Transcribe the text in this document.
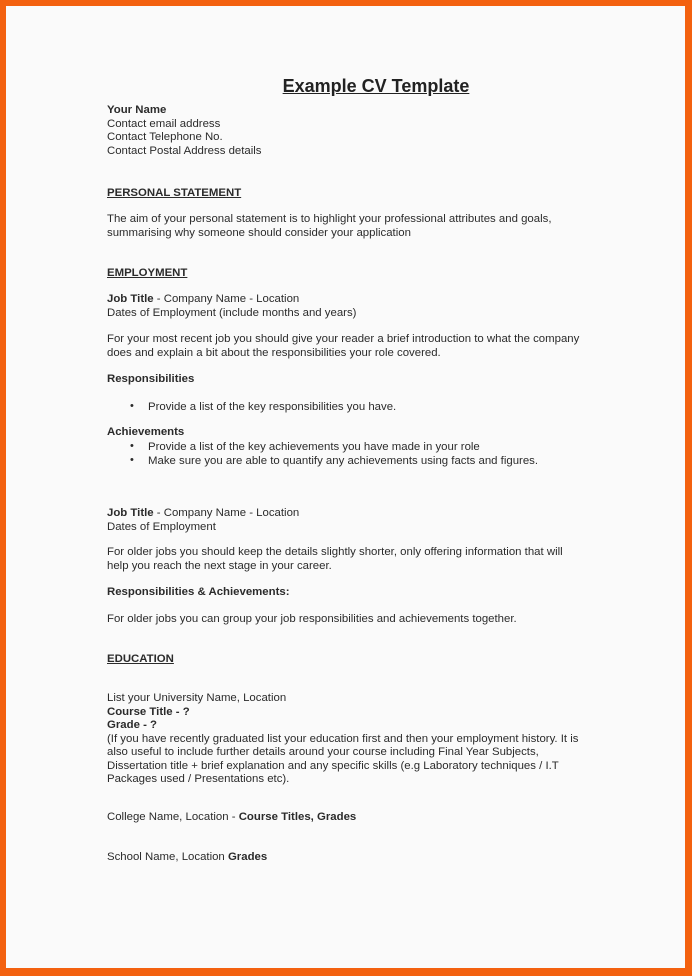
Example CV Template
Your Name
Contact email address
Contact Telephone No.
Contact Postal Address details
PERSONAL STATEMENT
The aim of your personal statement is to highlight your professional attributes and goals,
summarising why someone should consider your application
EMPLOYMENT
Job Title - Company Name - Location
Dates of Employment (include months and years)
For your most recent job you should give your reader a brief introduction to what the company
does and explain a bit about the responsibilities your role covered.
Responsibilities
• Provide a list of the key responsibilities you have.
Achievements
• Provide a list of the key achievements you have made in your role
• Make sure you are able to quantify any achievements using facts and figures.
Job Title - Company Name - Location
Dates of Employment
For older jobs you should keep the details slightly shorter, only offering information that will
help you reach the next stage in your career.
Responsibilities & Achievements:
For older jobs you can group your job responsibilities and achievements together.
EDUCATION
List your University Name, Location
Course Title - ?
Grade - ?
(If you have recently graduated list your education first and then your employment history. It is
also useful to include further details around your course including Final Year Subjects,
Dissertation title + brief explanation and any specific skills (e.g Laboratory techniques / I.T
Packages used / Presentations etc).
College Name, Location - Course Titles, Grades
School Name, Location Grades
